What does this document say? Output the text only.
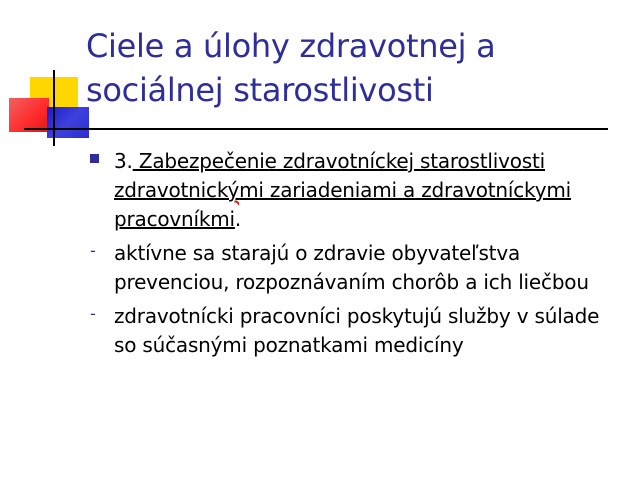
Ciele a úlohy zdravotnej a sociálnej starostlivosti

3. Zabezpečenie zdravotníckej starostlivosti zdravotnickými zariadeniami a zdravotníckymi pracovníkmi.

- aktívne sa starajú o zdravie obyvateľstva prevenciou, rozpoznávaním chorôb a ich liečbou

- zdravotnícki pracovníci poskytujú služby v súlade so súčasnými poznatkami medicíny
